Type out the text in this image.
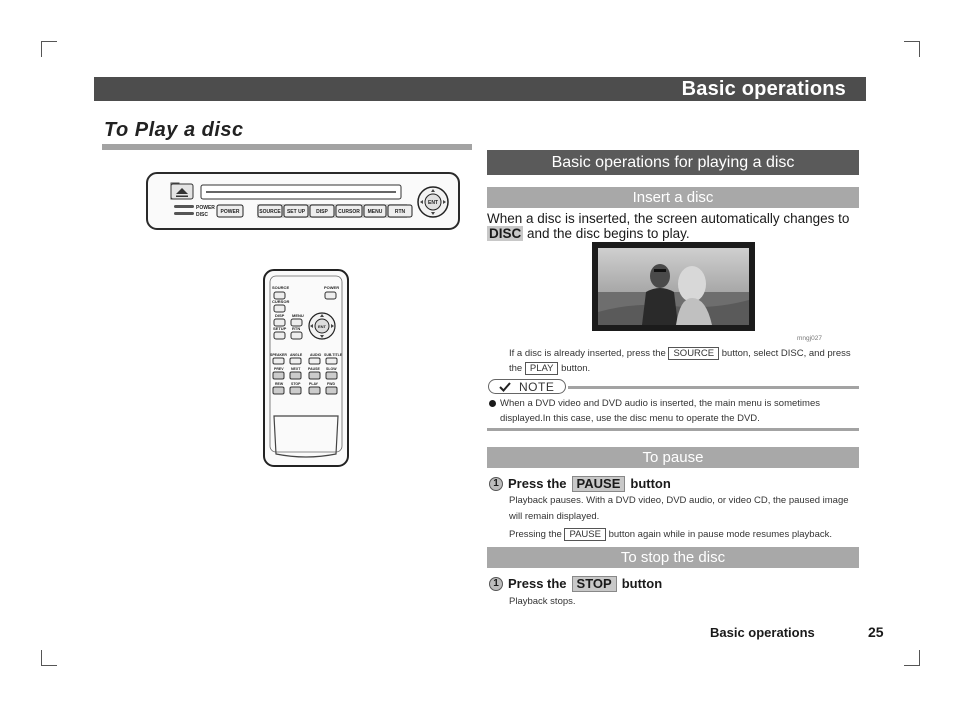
Basic operations
To Play a disc
POWER
DISC	POWER	SOURCE SET UP DISP CURSOR MENU RTN
ENT
SOURCE	POWER
CURSOR
DISP MENU
SETUP RTN	ENT
SPEAKER ANGLE AUDIO SUB.TITLE
PREV NEXT PAUSE SLOW
REW STOP PLAY	FWD
Basic operations for playing a disc
Insert a disc
When a disc is inserted, the screen automatically changes to DISC and the disc begins to play.
mngj027
If a disc is already inserted, press the SOURCE button, select DISC, and press
the PLAY button.
NOTE
When a DVD video and DVD audio is inserted, the main menu is sometimes
displayed.In this case, use the disc menu to operate the DVD.
To pause
1 Press the PAUSE button
Playback pauses. With a DVD video, DVD audio, or video CD, the paused image
will remain displayed.
Pressing the PAUSE button again while in pause mode resumes playback.
To stop the disc
1 Press the STOP button
Playback stops.
Basic operations	25
